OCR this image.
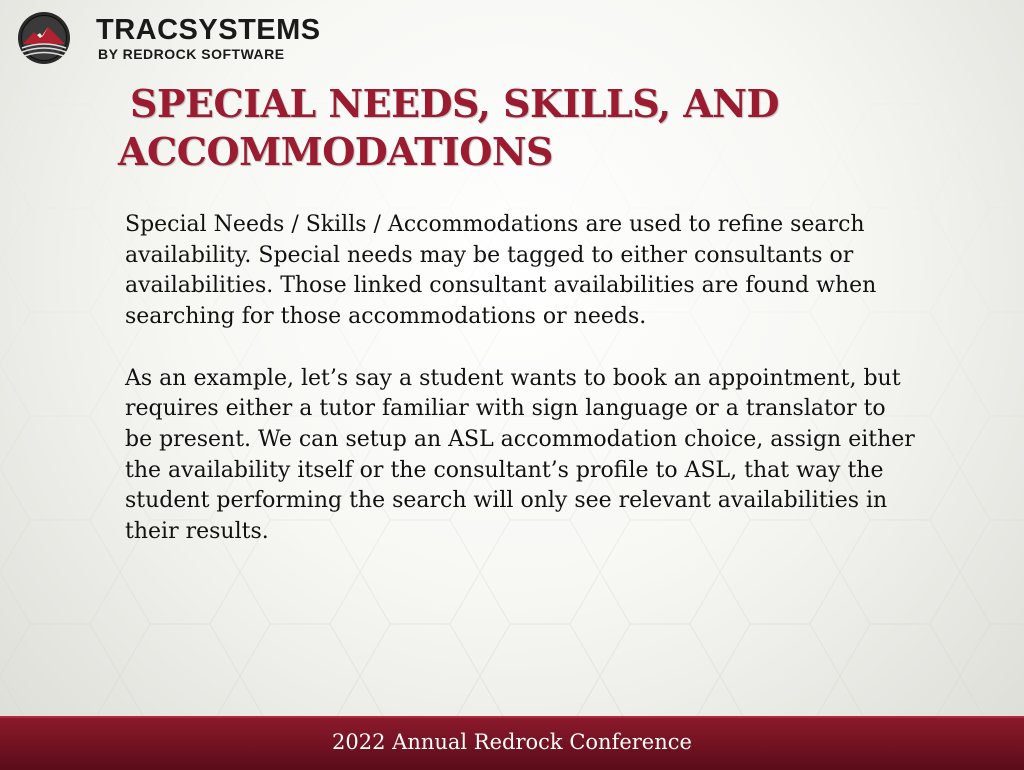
TRACSYSTEMS
BY REDROCK SOFTWARE
SPECIAL NEEDS, SKILLS, AND
ACCOMMODATIONS

Special Needs / Skills / Accommodations are used to refine search availability. Special needs may be tagged to either consultants or availabilities. Those linked consultant availabilities are found when searching for those accommodations or needs.

As an example, let’s say a student wants to book an appointment, but requires either a tutor familiar with sign language or a translator to be present. We can setup an ASL accommodation choice, assign either the availability itself or the consultant’s profile to ASL, that way the student performing the search will only see relevant availabilities in their results.

2022 Annual Redrock Conference
